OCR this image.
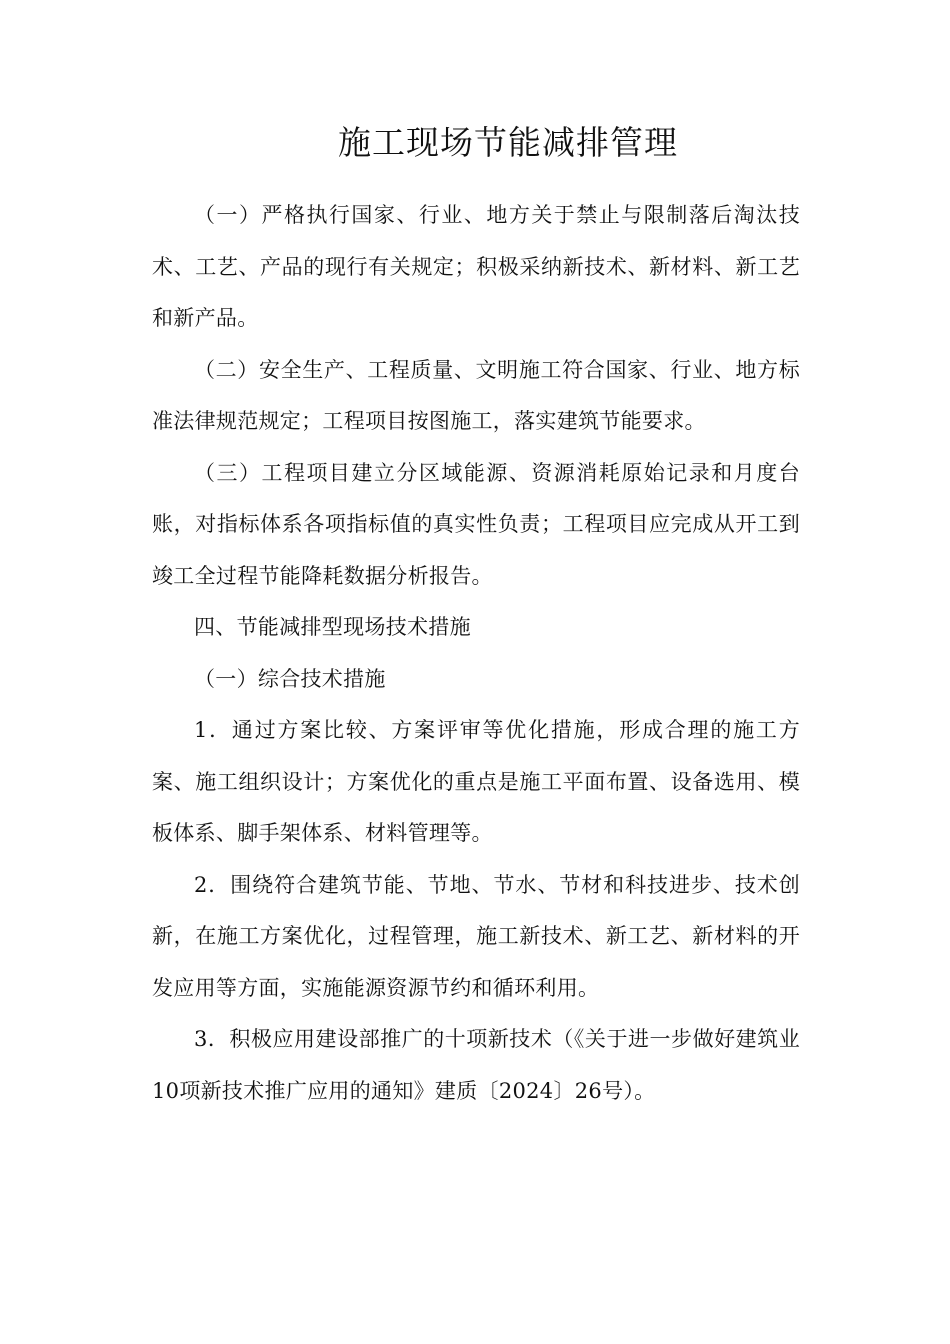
施工现场节能减排管理

（一）严格执行国家、行业、地方关于禁止与限制落后淘汰技术、工艺、产品的现行有关规定；积极采纳新技术、新材料、新工艺和新产品。

（二）安全生产、工程质量、文明施工符合国家、行业、地方标准法律规范规定；工程项目按图施工，落实建筑节能要求。

（三）工程项目建立分区域能源、资源消耗原始记录和月度台账，对指标体系各项指标值的真实性负责；工程项目应完成从开工到竣工全过程节能降耗数据分析报告。

四、节能减排型现场技术措施

（一）综合技术措施

1．通过方案比较、方案评审等优化措施，形成合理的施工方案、施工组织设计；方案优化的重点是施工平面布置、设备选用、模板体系、脚手架体系、材料管理等。

2．围绕符合建筑节能、节地、节水、节材和科技进步、技术创新，在施工方案优化，过程管理，施工新技术、新工艺、新材料的开发应用等方面，实施能源资源节约和循环利用。

3．积极应用建设部推广的十项新技术（《关于进一步做好建筑业10项新技术推广应用的通知》建质〔2024〕26号）。
